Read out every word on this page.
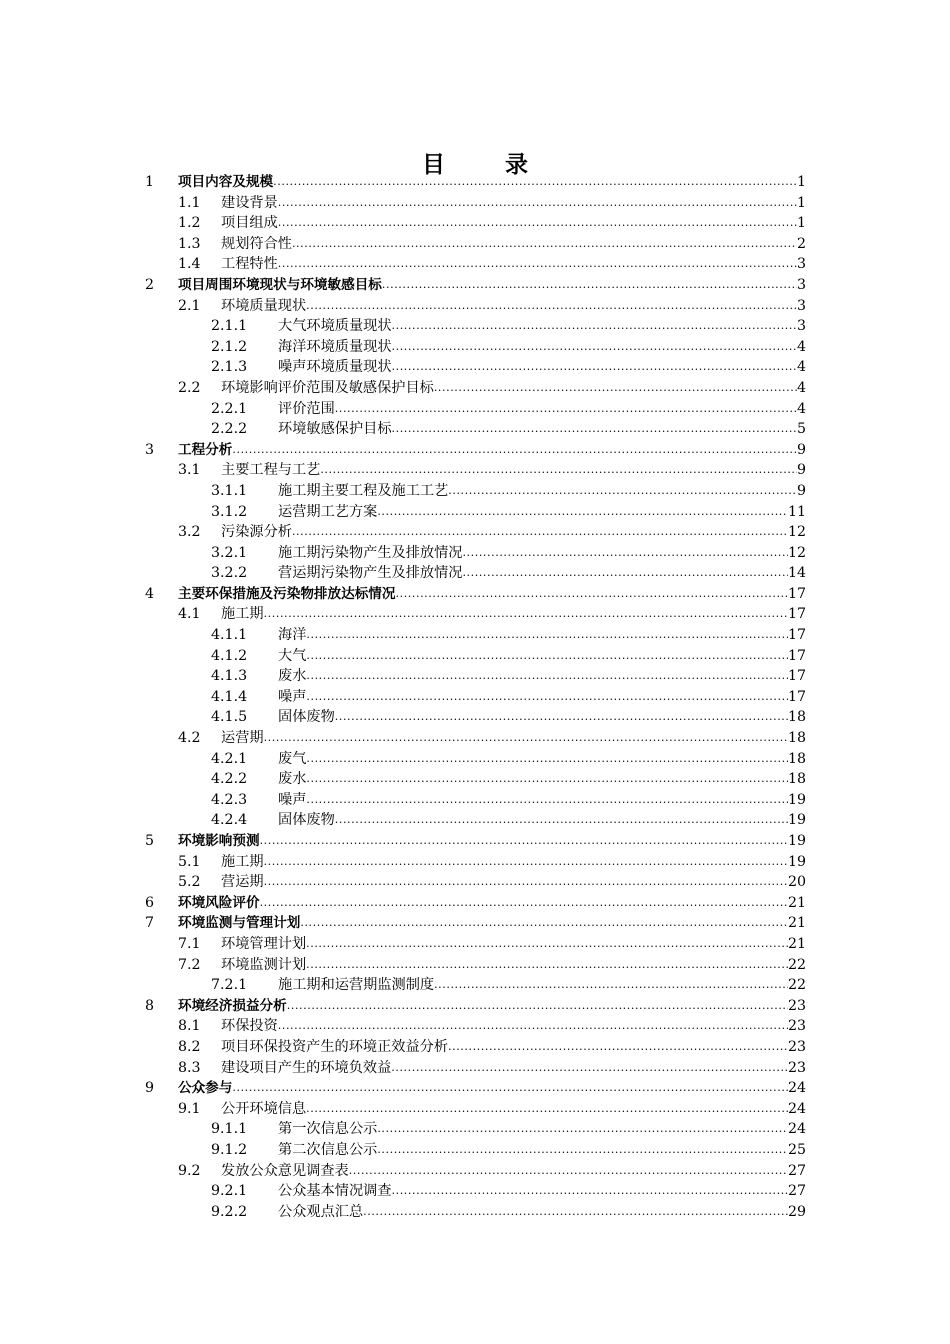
目 录
1 项目内容及规模 .....	1
1.1 建设背景 .....	1
1.2 项目组成 .....	1
1.3 规划符合性 .....	2
1.4 工程特性 .....	3
2 项目周围环境现状与环境敏感目标 .....	3
2.1 环境质量现状 .....	3
2.1.1 大气环境质量现状 .....	3
2.1.2 海洋环境质量现状 .....	4
2.1.3 噪声环境质量现状 .....	4
2.2 环境影响评价范围及敏感保护目标 .....	4
2.2.1 评价范围 .....	4
2.2.2 环境敏感保护目标 .....	5
3 工程分析 .....	9
3.1 主要工程与工艺 .....	9
3.1.1 施工期主要工程及施工工艺 .....	9
3.1.2 运营期工艺方案 .....	11
3.2 污染源分析 .....	12
3.2.1 施工期污染物产生及排放情况 .....	12
3.2.2 营运期污染物产生及排放情况 .....	14
4 主要环保措施及污染物排放达标情况 .....	17
4.1 施工期 .....	17
4.1.1 海洋 .....	17
4.1.2 大气 .....	17
4.1.3 废水 .....	17
4.1.4 噪声 .....	17
4.1.5 固体废物 .....	18
4.2 运营期 .....	18
4.2.1 废气 .....	18
4.2.2 废水 .....	18
4.2.3 噪声 .....	19
4.2.4 固体废物 .....	19
5 环境影响预测 .....	19
5.1 施工期 .....	19
5.2 营运期 .....	20
6 环境风险评价 .....	21
7 环境监测与管理计划 .....	21
7.1 环境管理计划 .....	21
7.2 环境监测计划 .....	22
7.2.1 施工期和运营期监测制度 .....	22
8 环境经济损益分析 .....	23
8.1 环保投资 .....	23
8.2 项目环保投资产生的环境正效益分析 .....	23
8.3 建设项目产生的环境负效益 .....	23
9 公众参与 .....	24
9.1 公开环境信息 .....	24
9.1.1 第一次信息公示 .....	24
9.1.2 第二次信息公示 .....	25
9.2 发放公众意见调查表 .....	27
9.2.1 公众基本情况调查 .....	27
9.2.2 公众观点汇总 .....	29
